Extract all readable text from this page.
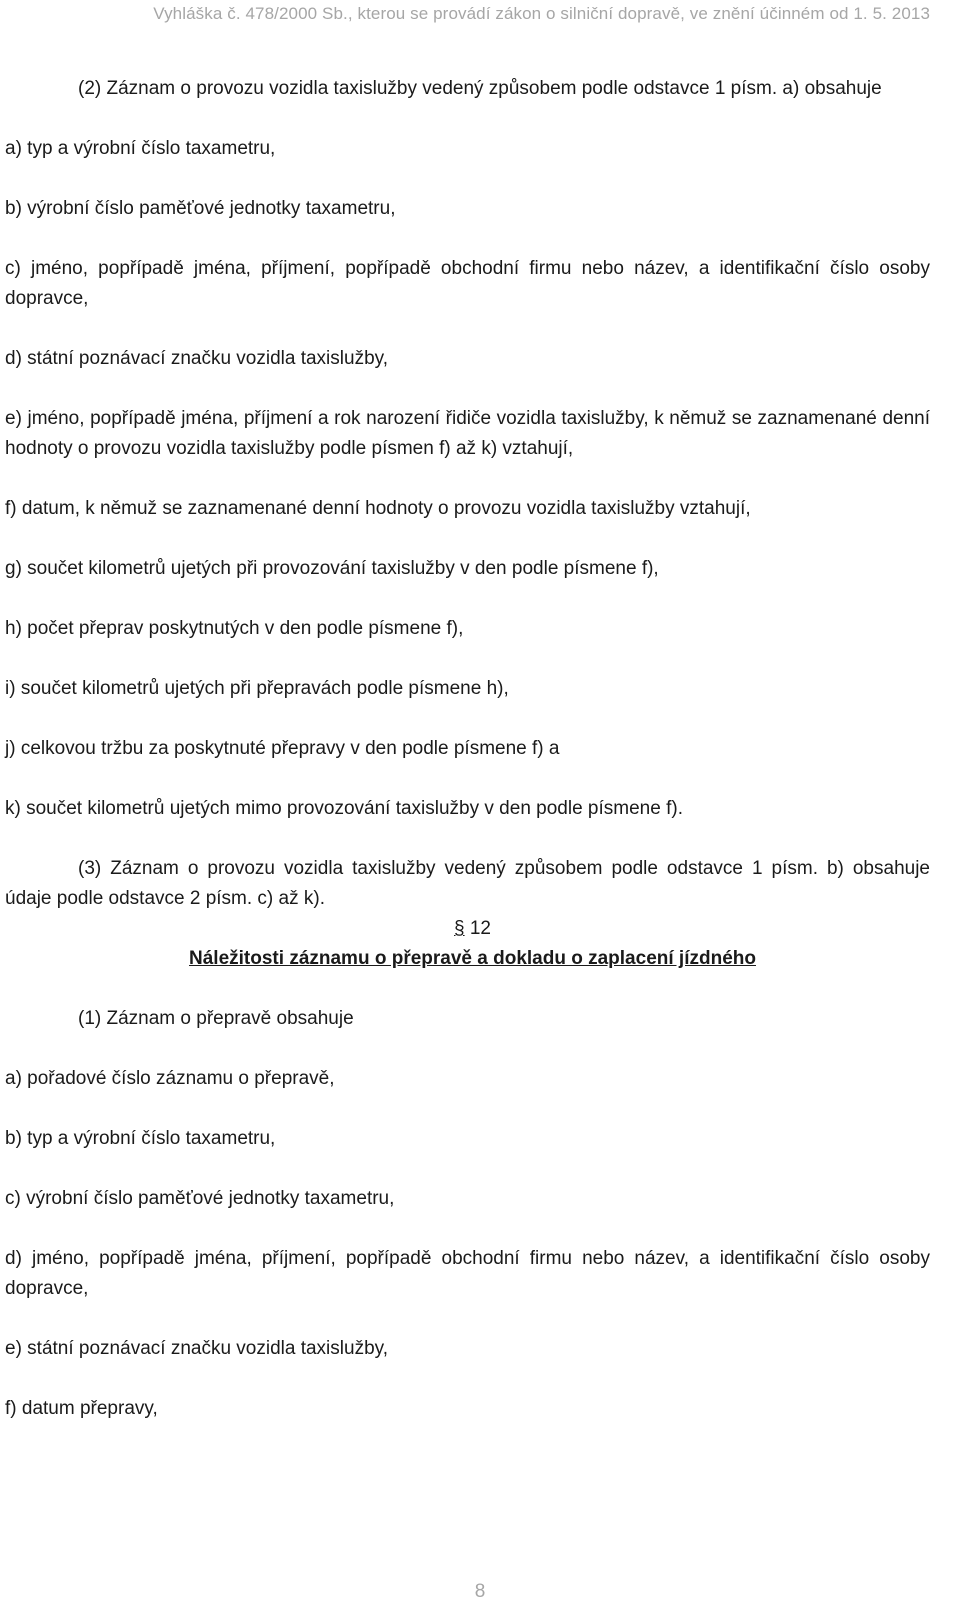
Vyhláška č. 478/2000 Sb., kterou se provádí zákon o silniční dopravě, ve znění účinném od 1. 5. 2013

(2) Záznam o provozu vozidla taxislužby vedený způsobem podle odstavce 1 písm. a) obsahuje

a) typ a výrobní číslo taxametru,

b) výrobní číslo paměťové jednotky taxametru,

c) jméno, popřípadě jména, příjmení, popřípadě obchodní firmu nebo název, a identifikační číslo osoby dopravce,

d) státní poznávací značku vozidla taxislužby,

e) jméno, popřípadě jména, příjmení a rok narození řidiče vozidla taxislužby, k němuž se zaznamenané denní hodnoty o provozu vozidla taxislužby podle písmen f) až k) vztahují,

f) datum, k němuž se zaznamenané denní hodnoty o provozu vozidla taxislužby vztahují,

g) součet kilometrů ujetých při provozování taxislužby v den podle písmene f),

h) počet přeprav poskytnutých v den podle písmene f),

i) součet kilometrů ujetých při přepravách podle písmene h),

j) celkovou tržbu za poskytnuté přepravy v den podle písmene f) a

k) součet kilometrů ujetých mimo provozování taxislužby v den podle písmene f).

(3) Záznam o provozu vozidla taxislužby vedený způsobem podle odstavce 1 písm. b) obsahuje údaje podle odstavce 2 písm. c) až k).

§ 12

Náležitosti záznamu o přepravě a dokladu o zaplacení jízdného

(1) Záznam o přepravě obsahuje

a) pořadové číslo záznamu o přepravě,

b) typ a výrobní číslo taxametru,

c) výrobní číslo paměťové jednotky taxametru,

d) jméno, popřípadě jména, příjmení, popřípadě obchodní firmu nebo název, a identifikační číslo osoby dopravce,

e) státní poznávací značku vozidla taxislužby,

f) datum přepravy,

8
